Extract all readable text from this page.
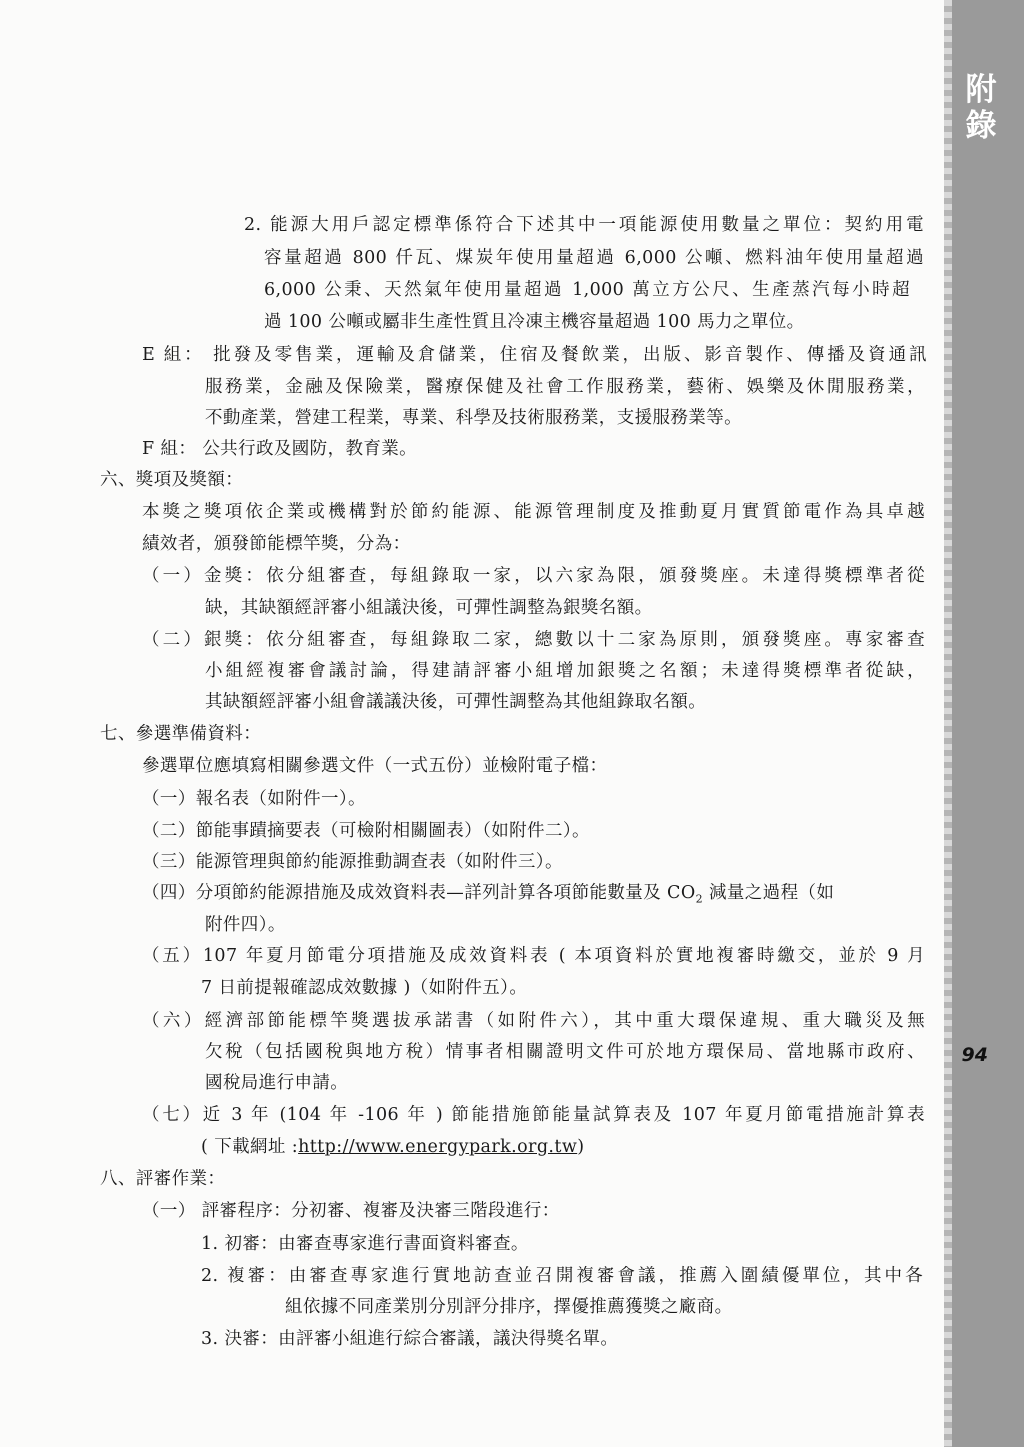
附錄
94
2. 能源大用戶認定標準係符合下述其中一項能源使用數量之單位：契約用電
容量超過 800 仟瓦、煤炭年使用量超過 6,000 公噸、燃料油年使用量超過
6,000 公秉、天然氣年使用量超過 1,000 萬立方公尺、生產蒸汽每小時超
過 100 公噸或屬非生產性質且冷凍主機容量超過 100 馬力之單位。
E 組： 批發及零售業，運輸及倉儲業，住宿及餐飲業，出版、影音製作、傳播及資通訊
服務業，金融及保險業，醫療保健及社會工作服務業，藝術、娛樂及休閒服務業，
不動產業，營建工程業，專業、科學及技術服務業，支援服務業等。
F 組： 公共行政及國防，教育業。
六、獎項及獎額：
本獎之獎項依企業或機構對於節約能源、能源管理制度及推動夏月實質節電作為具卓越
績效者，頒發節能標竿獎，分為：
（一）金獎：依分組審查，每組錄取一家，以六家為限，頒發獎座。未達得獎標準者從
缺，其缺額經評審小組議決後，可彈性調整為銀獎名額。
（二）銀獎：依分組審查，每組錄取二家，總數以十二家為原則，頒發獎座。專家審查
小組經複審會議討論，得建請評審小組增加銀獎之名額；未達得獎標準者從缺，
其缺額經評審小組會議議決後，可彈性調整為其他組錄取名額。
七、參選準備資料：
參選單位應填寫相關參選文件（一式五份）並檢附電子檔：
（一）報名表（如附件一）。
（二）節能事蹟摘要表（可檢附相關圖表）（如附件二）。
（三）能源管理與節約能源推動調查表（如附件三）。
（四）分項節約能源措施及成效資料表—詳列計算各項節能數量及 $CO_2$ 減量之過程（如
附件四）。
（五）107 年夏月節電分項措施及成效資料表 ( 本項資料於實地複審時繳交，並於 9 月
7 日前提報確認成效數據 )（如附件五）。
（六）經濟部節能標竿獎選拔承諾書（如附件六），其中重大環保違規、重大職災及無
欠稅（包括國稅與地方稅）情事者相關證明文件可於地方環保局、當地縣市政府、
國稅局進行申請。
（七）近 3 年 (104 年 -106 年 ) 節能措施節能量試算表及 107 年夏月節電措施計算表
( 下載網址 :http://www.energypark.org.tw)
八、評審作業：
（一） 評審程序：分初審、複審及決審三階段進行：
1. 初審：由審查專家進行書面資料審查。
2. 複審：由審查專家進行實地訪查並召開複審會議，推薦入圍績優單位，其中各
組依據不同產業別分別評分排序，擇優推薦獲獎之廠商。
3. 決審：由評審小組進行綜合審議，議決得獎名單。
